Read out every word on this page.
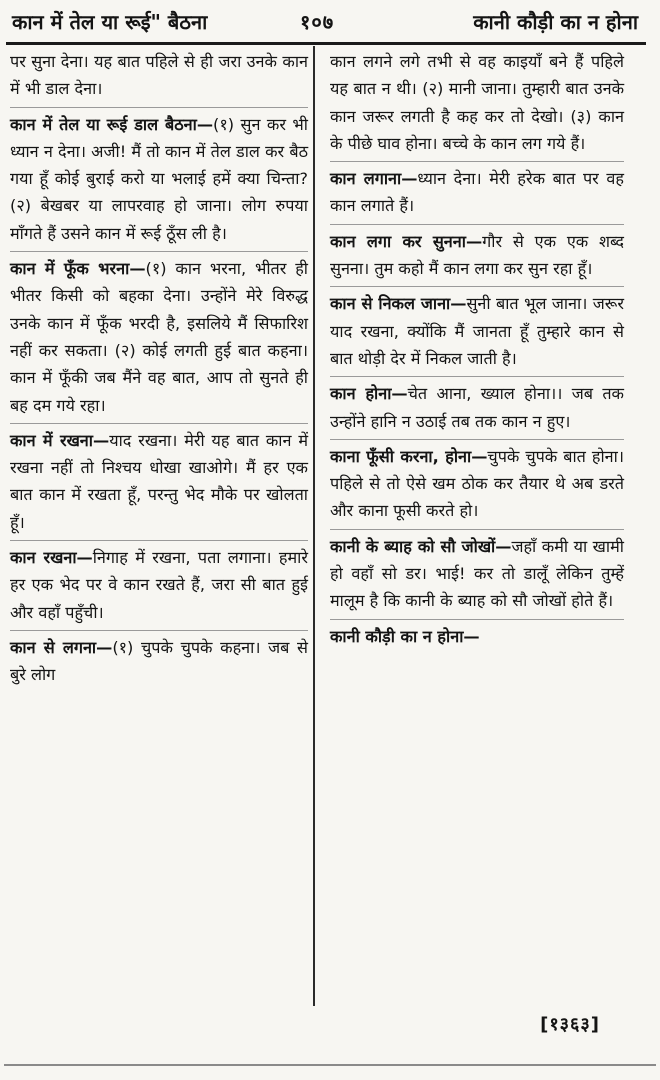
कान में तेल या रूई" बैठना	१०७	कानी कौड़ी का न होना

पर सुना देना। यह बात पहिले से ही जरा उनके कान में भी डाल देना।

कान में तेल या रूई डाल बैठना—(१) सुन कर भी ध्यान न देना। अजी! मैं तो कान में तेल डाल कर बैठ गया हूँ कोई बुराई करो या भलाई हमें क्या चिन्ता? (२) बेखबर या लापरवाह हो जाना। लोग रुपया माँगते हैं उसने कान में रूई ठूँस ली है।

कान में फूँक भरना—(१) कान भरना, भीतर ही भीतर किसी को बहका देना। उन्होंने मेरे विरुद्ध उनके कान में फूँक भरदी है, इसलिये मैं सिफारिश नहीं कर सकता। (२) कोई लगती हुई बात कहना। कान में फूँकी जब मैंने वह बात, आप तो सुनते ही बह दम गये रहा।

कान में रखना—याद रखना। मेरी यह बात कान में रखना नहीं तो निश्चय धोखा खाओगे। मैं हर एक बात कान में रखता हूँ, परन्तु भेद मौके पर खोलता हूँ।

कान रखना—निगाह में रखना, पता लगाना। हमारे हर एक भेद पर वे कान रखते हैं, जरा सी बात हुई और वहाँ पहुँची।

कान से लगना—(१) चुपके चुपके कहना। जब से बुरे लोग

कान लगने लगे तभी से वह काइयाँ बने हैं पहिले यह बात न थी। (२) मानी जाना। तुम्हारी बात उनके कान जरूर लगती है कह कर तो देखो। (३) कान के पीछे घाव होना। बच्चे के कान लग गये हैं।

कान लगाना—ध्यान देना। मेरी हरेक बात पर वह कान लगाते हैं।

कान लगा कर सुनना—गौर से एक एक शब्द सुनना। तुम कहो मैं कान लगा कर सुन रहा हूँ।

कान से निकल जाना—सुनी बात भूल जाना। जरूर याद रखना, क्योंकि मैं जानता हूँ तुम्हारे कान से बात थोड़ी देर में निकल जाती है।

कान होना—चेत आना, ख्याल होना।। जब तक उन्होंने हानि न उठाई तब तक कान न हुए।

काना फूँसी करना, होना—चुपके चुपके बात होना। पहिले से तो ऐसे खम ठोक कर तैयार थे अब डरते और काना फूसी करते हो।

कानी के ब्याह को सौ जोखों—जहाँ कमी या खामी हो वहाँ सो डर। भाई! कर तो डालूँ लेकिन तुम्हें मालूम है कि कानी के ब्याह को सौ जोखों होते हैं।

कानी कौड़ी का न होना—

[१३६३]
